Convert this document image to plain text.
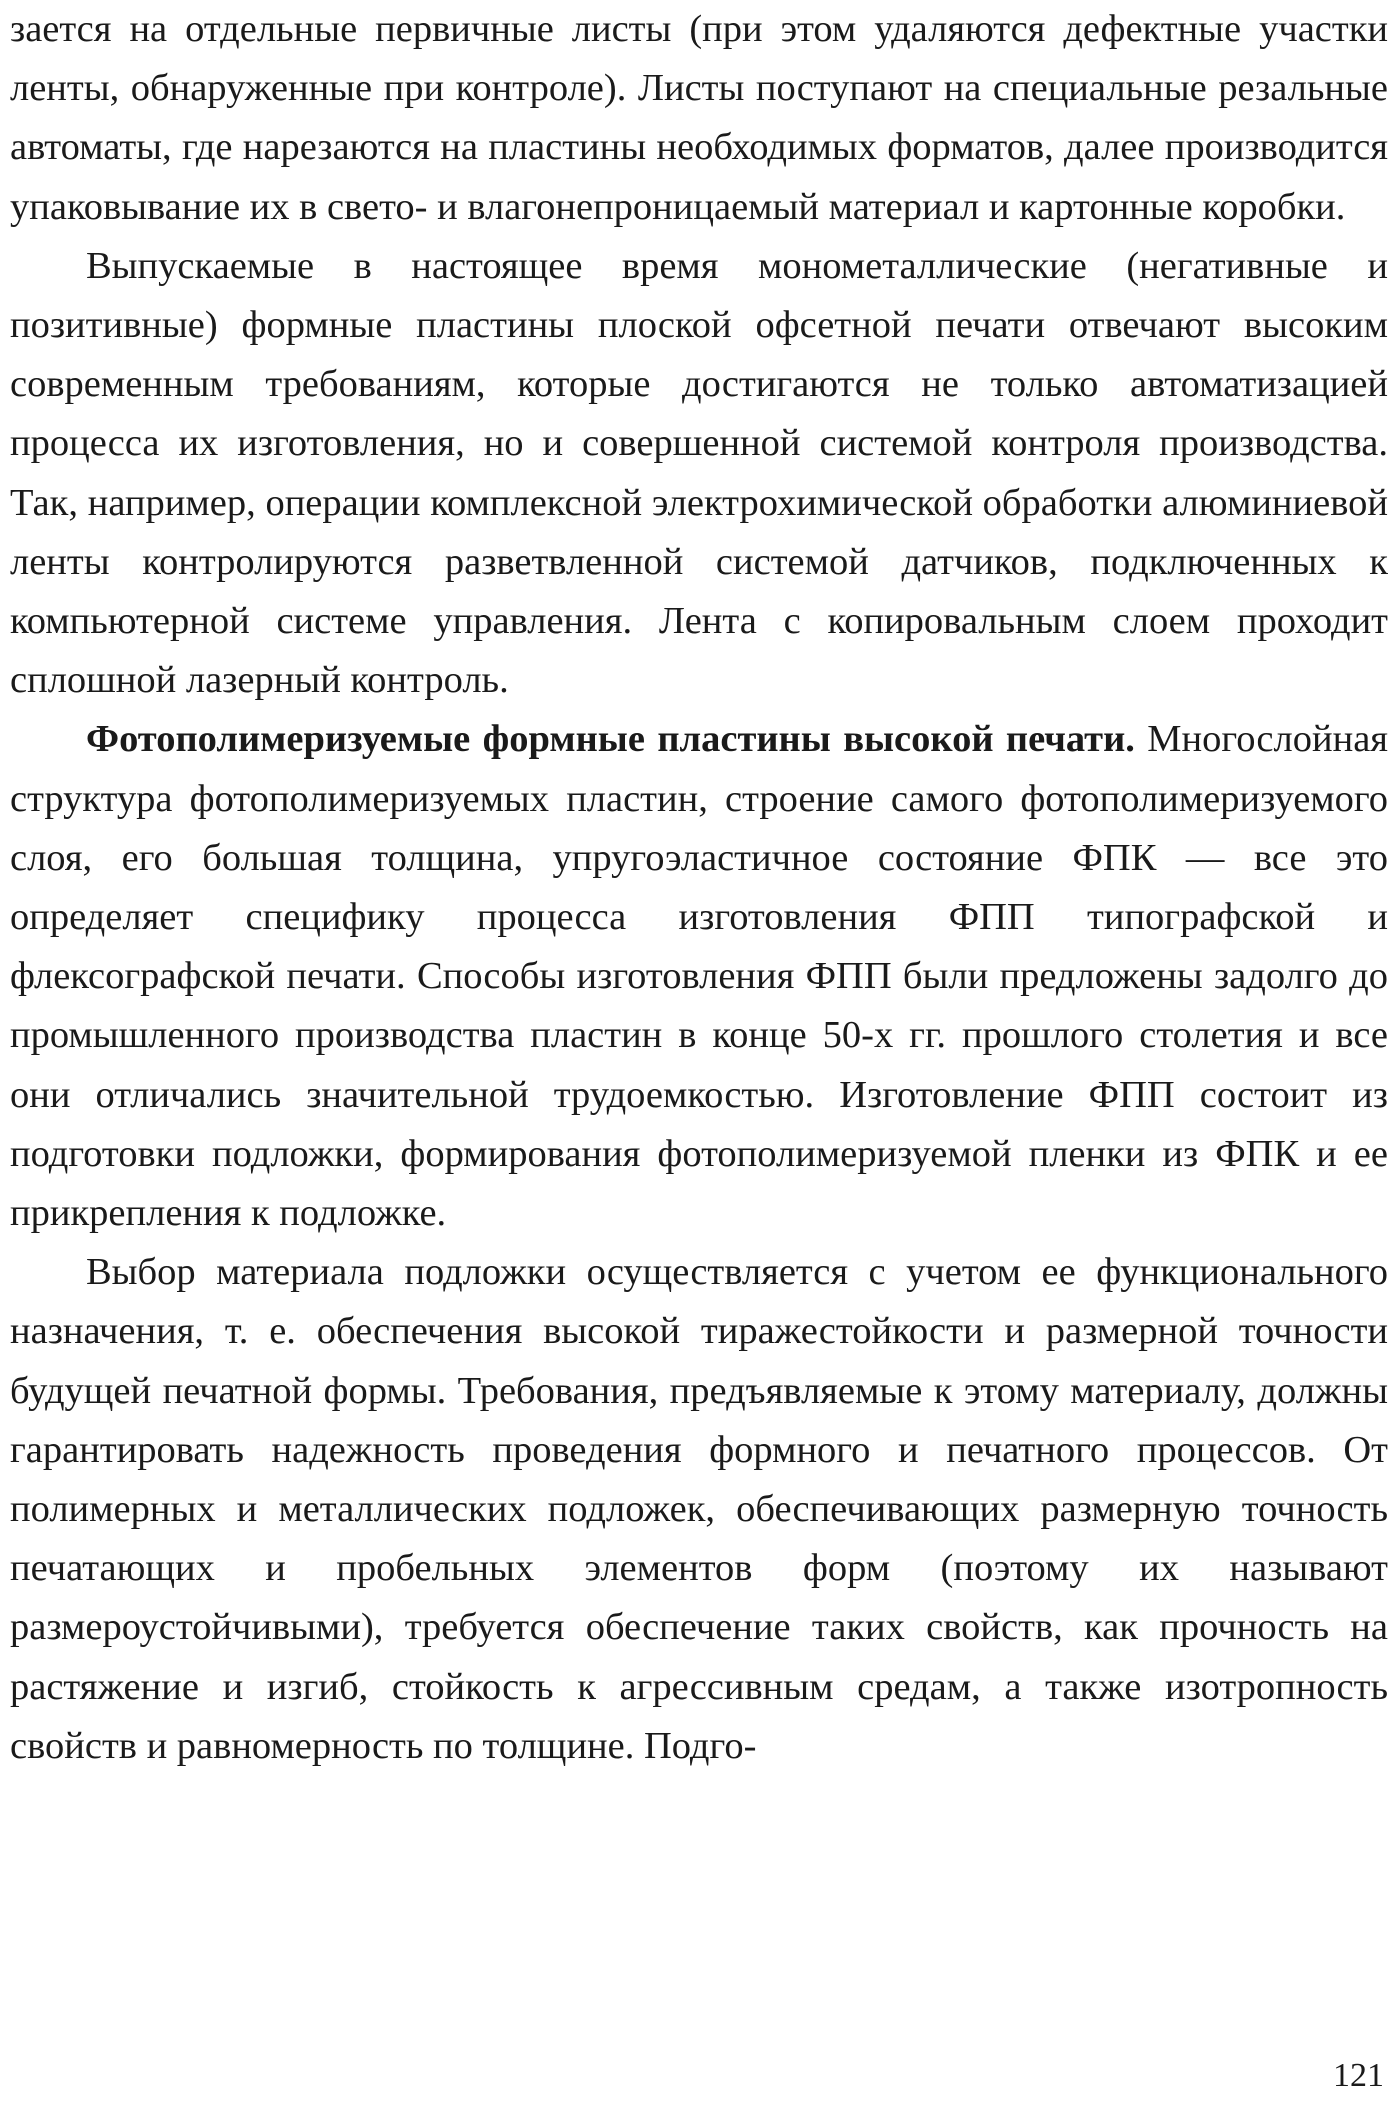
зается на отдельные первичные листы (при этом удаляются дефектные участки ленты, обнаруженные при контроле). Листы поступают на специальные резальные автоматы, где нарезаются на пластины необходимых форматов, далее производится упаковывание их в свето- и влагонепроницаемый материал и картонные коробки.

Выпускаемые в настоящее время монометаллические (негативные и позитивные) формные пластины плоской офсетной печати отвечают высоким современным требованиям, которые достигаются не только автоматизацией процесса их изготовления, но и совершенной системой контроля производства. Так, например, операции комплексной электрохимической обработки алюминиевой ленты контролируются разветвленной системой датчиков, подключенных к компьютерной системе управления. Лента с копировальным слоем проходит сплошной лазерный контроль.

Фотополимеризуемые формные пластины высокой печати. Многослойная структура фотополимеризуемых пластин, строение самого фотополимеризуемого слоя, его большая толщина, упругоэластичное состояние ФПК — все это определяет специфику процесса изготовления ФПП типографской и флексографской печати. Способы изготовления ФПП были предложены задолго до промышленного производства пластин в конце 50-х гг. прошлого столетия и все они отличались значительной трудоемкостью. Изготовление ФПП состоит из подготовки подложки, формирования фотополимеризуемой пленки из ФПК и ее прикрепления к подложке.

Выбор материала подложки осуществляется с учетом ее функционального назначения, т. е. обеспечения высокой тиражестойкости и размерной точности будущей печатной формы. Требования, предъявляемые к этому материалу, должны гарантировать надежность проведения формного и печатного процессов. От полимерных и металлических подложек, обеспечивающих размерную точность печатающих и пробельных элементов форм (поэтому их называют размероустойчивыми), требуется обеспечение таких свойств, как прочность на растяжение и изгиб, стойкость к агрессивным средам, а также изотропность свойств и равномерность по толщине. Подго-

121
